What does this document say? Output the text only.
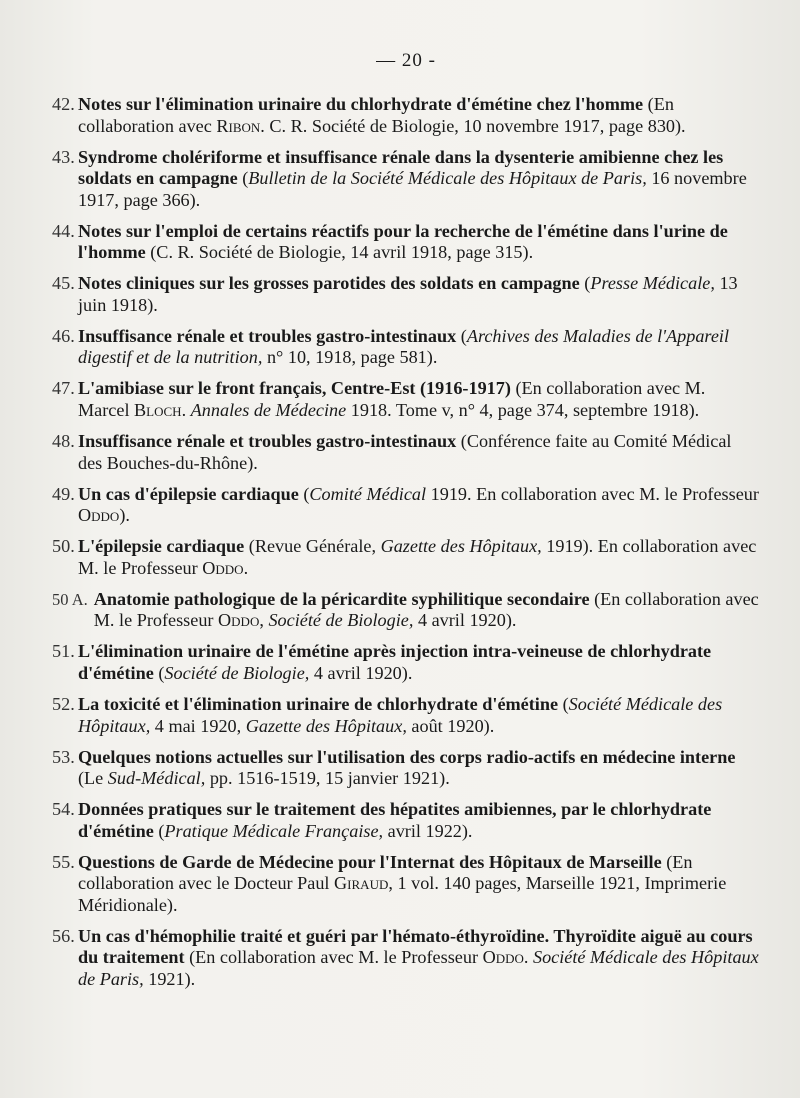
— 20 -
42. Notes sur l'élimination urinaire du chlorhydrate d'émétine chez l'homme (En collaboration avec Ribon. C. R. Société de Biologie, 10 novembre 1917, page 830).
43. Syndrome cholériforme et insuffisance rénale dans la dysenterie amibienne chez les soldats en campagne (Bulletin de la Société Médicale des Hôpitaux de Paris, 16 novembre 1917, page 366).
44. Notes sur l'emploi de certains réactifs pour la recherche de l'émétine dans l'urine de l'homme (C. R. Société de Biologie, 14 avril 1918, page 315).
45. Notes cliniques sur les grosses parotides des soldats en campagne (Presse Médicale, 13 juin 1918).
46. Insuffisance rénale et troubles gastro-intestinaux (Archives des Maladies de l'Appareil digestif et de la nutrition, n° 10, 1918, page 581).
47. L'amibiase sur le front français, Centre-Est (1916-1917) (En collaboration avec M. Marcel Bloch. Annales de Médecine 1918. Tome v, n° 4, page 374, septembre 1918).
48. Insuffisance rénale et troubles gastro-intestinaux (Conférence faite au Comité Médical des Bouches-du-Rhône).
49. Un cas d'épilepsie cardiaque (Comité Médical 1919. En collaboration avec M. le Professeur Oddo).
50. L'épilepsie cardiaque (Revue Générale, Gazette des Hôpitaux, 1919). En collaboration avec M. le Professeur Oddo.
50 A. Anatomie pathologique de la péricardite syphilitique secondaire (En collaboration avec M. le Professeur Oddo, Société de Biologie, 4 avril 1920).
51. L'élimination urinaire de l'émétine après injection intra-veineuse de chlorhydrate d'émétine (Société de Biologie, 4 avril 1920).
52. La toxicité et l'élimination urinaire de chlorhydrate d'émétine (Société Médicale des Hôpitaux, 4 mai 1920, Gazette des Hôpitaux, août 1920).
53. Quelques notions actuelles sur l'utilisation des corps radio-actifs en médecine interne (Le Sud-Médical, pp. 1516-1519, 15 janvier 1921).
54. Données pratiques sur le traitement des hépatites amibiennes, par le chlorhydrate d'émétine (Pratique Médicale Française, avril 1922).
55. Questions de Garde de Médecine pour l'Internat des Hôpitaux de Marseille (En collaboration avec le Docteur Paul Giraud, 1 vol. 140 pages, Marseille 1921, Imprimerie Méridionale).
56. Un cas d'hémophilie traité et guéri par l'hémato-éthyroïdine. Thyroïdite aiguë au cours du traitement (En collaboration avec M. le Professeur Oddo. Société Médicale des Hôpitaux de Paris, 1921).
